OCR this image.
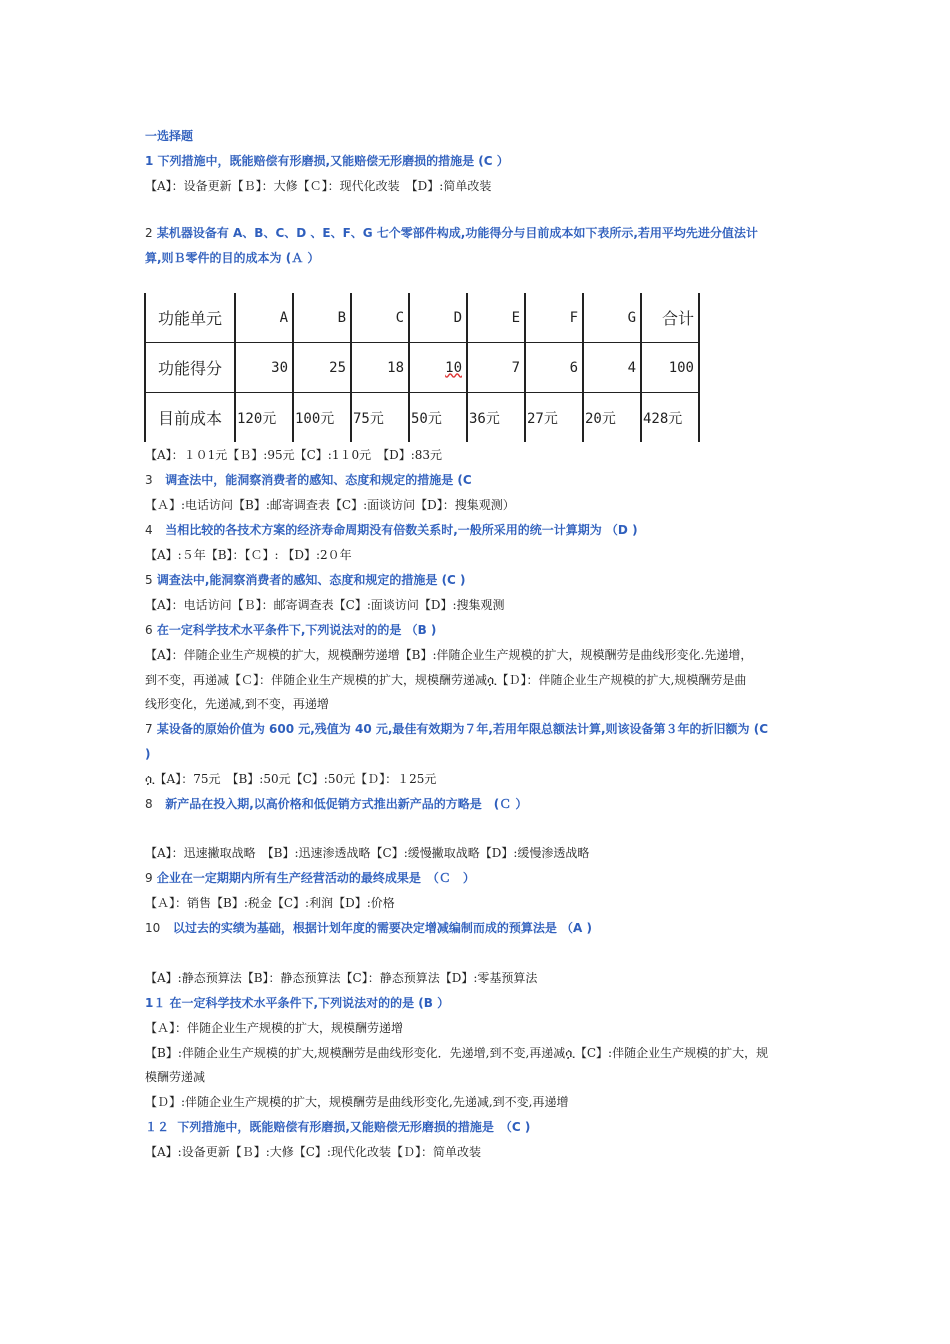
一选择题
1 下列措施中，既能赔偿有形磨损,又能赔偿无形磨损的措施是 (C ）
【A】：设备更新【Ｂ】：大修【Ｃ】：现代化改装　【D】:简单改装
2 某机器设备有 A、B、C、D 、E、F、G 七个零部件构成,功能得分与目前成本如下表所示,若用平均先进分值法计
算,则Ｂ零件的目的成本为 (Ａ ）
功能单元	A	B	C	D	E	F	G	合计
功能得分	30	25	18	10	7	6	4	100
目前成本	120元	100元	75元	50元	36元	27元	20元	428元
【A】：１０1元【Ｂ】:95元【C】:1１0元　【D】:83元
3 调查法中，能洞察消费者的感知、态度和规定的措施是 (C
【Ａ】:电话访问【B】:邮寄调查表【C】:面谈访问【D】：搜集观测）
4 当相比较的各技术方案的经济寿命周期没有倍数关系时,一般所采用的统一计算期为 （D )
【A】:５年【B】：【Ｃ】: 【D】:2０年
5 调查法中,能洞察消费者的感知、态度和规定的措施是 (C )
【A】：电话访问【Ｂ】：邮寄调查表【C】:面谈访问【D】:搜集观测
6 在一定科学技术水平条件下,下列说法对的的是 （B )
【A】：伴随企业生产规模的扩大，规模酬劳递增【B】:伴随企业生产规模的扩大，规模酬劳是曲线形变化.先递增，
到不变，再递减【Ｃ】：伴随企业生产规模的扩大，规模酬劳递减ሷ【Ｄ】：伴随企业生产规模的扩大,规模酬劳是曲
线形变化，先递减,到不变，再递增
7 某设备的原始价值为 600 元,残值为 40 元,最佳有效期为７年,若用年限总额法计算,则该设备第３年的折旧额为 (C
)
ሷ【A】：75元　【B】:50元【C】:50元【Ｄ】：１25元
8 新产品在投入期,以高价格和低促销方式推出新产品的方略是　(Ｃ ）
【A】：迅速撇取战略　【B】:迅速渗透战略【C】:缓慢撇取战略【D】:缓慢渗透战略
9 企业在一定期期内所有生产经营活动的最终成果是　（Ｃ　）
【Ａ】：销售【B】:税金【C】:利润【D】:价格
10 以过去的实绩为基础，根据计划年度的需要决定增减编制而成的预算法是 （A )
【A】:静态预算法【B】：静态预算法【C】：静态预算法【D】:零基预算法
1１ 在一定科学技术水平条件下,下列说法对的的是 (B ）
【Ａ】：伴随企业生产规模的扩大，规模酬劳递增
【B】:伴随企业生产规模的扩大,规模酬劳是曲线形变化．先递增,到不变,再递减ሷ【C】:伴随企业生产规模的扩大，规
模酬劳递减
【Ｄ】:伴随企业生产规模的扩大，规模酬劳是曲线形变化,先递减,到不变,再递增
１２ 下列措施中，既能赔偿有形磨损,又能赔偿无形磨损的措施是　（C )
【A】:设备更新【Ｂ】:大修【C】:现代化改装【Ｄ】：简单改装
